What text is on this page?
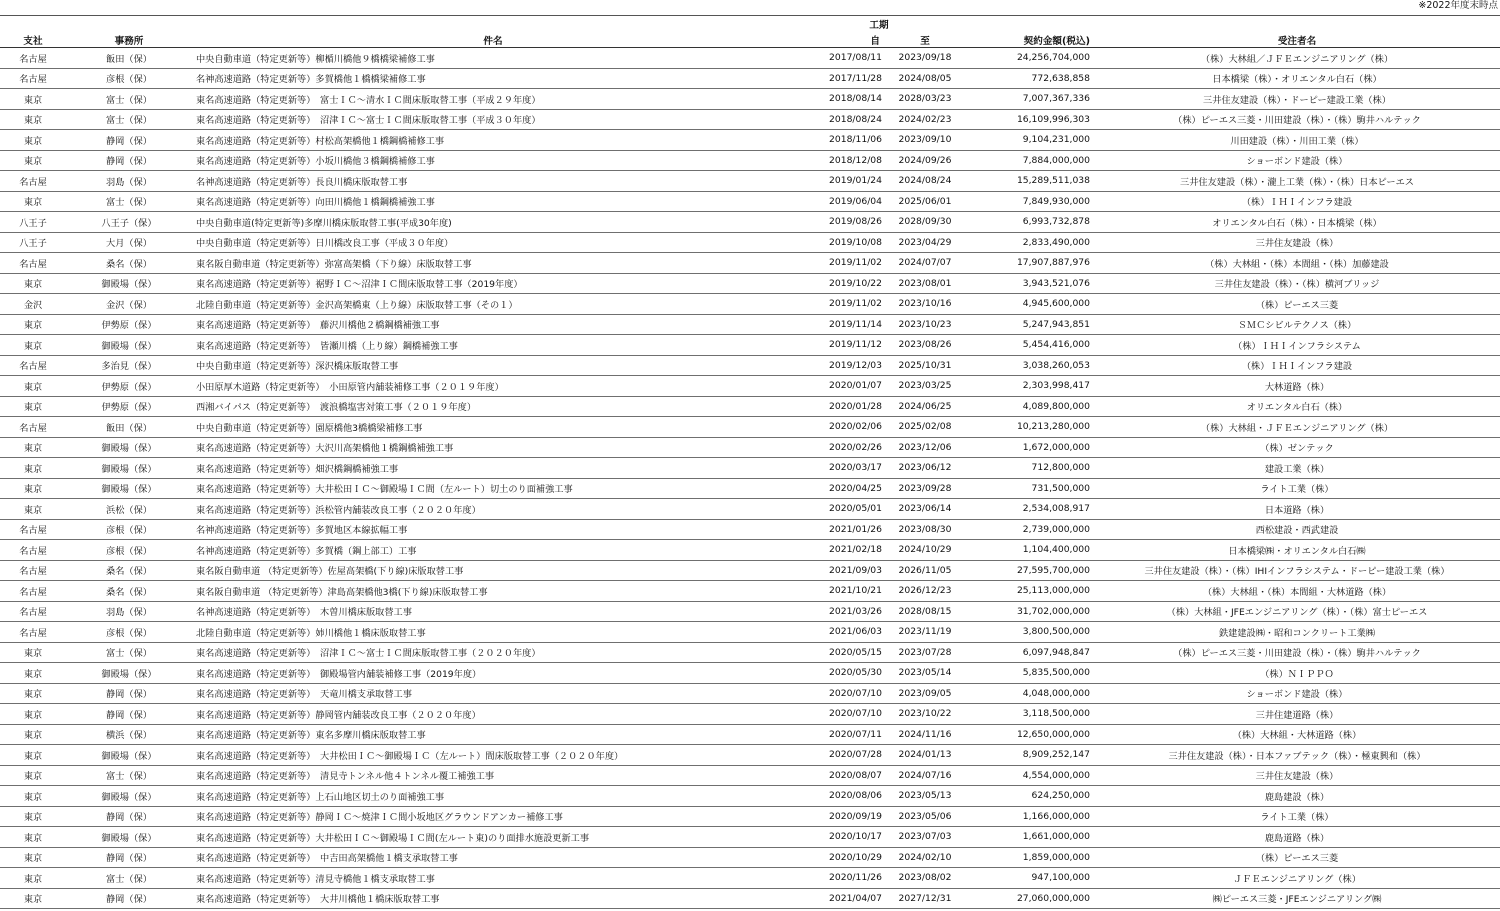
※2022年度末時点
			工期			
支社	事務所	件名	自	至	契約金額(税込)	受注者名
名古屋	飯田（保）	中央自動車道（特定更新等）柳楯川橋他９橋橋梁補修工事	2017/08/11	2023/09/18	24,256,704,000	（株）大林組／ＪＦＥエンジニアリング（株）
名古屋	彦根（保）	名神高速道路（特定更新等）多賀橋他１橋橋梁補修工事	2017/11/28	2024/08/05	772,638,858	日本橋梁（株）・オリエンタル白石（株）
東京	富士（保）	東名高速道路（特定更新等）　富士ＩＣ～清水ＩＣ間床版取替工事（平成２９年度）	2018/08/14	2028/03/23	7,007,367,336	三井住友建設（株）・ドーピー建設工業（株）
東京	富士（保）	東名高速道路（特定更新等）　沼津ＩＣ～富士ＩＣ間床版取替工事（平成３０年度）	2018/08/24	2024/02/23	16,109,996,303	（株）ピーエス三菱・川田建設（株）・（株）駒井ハルテック
東京	静岡（保）	東名高速道路（特定更新等）村松高架橋他１橋鋼橋補修工事	2018/11/06	2023/09/10	9,104,231,000	川田建設（株）・川田工業（株）
東京	静岡（保）	東名高速道路（特定更新等）小坂川橋他３橋鋼橋補修工事	2018/12/08	2024/09/26	7,884,000,000	ショーボンド建設（株）
名古屋	羽島（保）	名神高速道路（特定更新等）長良川橋床版取替工事	2019/01/24	2024/08/24	15,289,511,038	三井住友建設（株）・瀧上工業（株）・（株）日本ピーエス
東京	富士（保）	東名高速道路（特定更新等）向田川橋他１橋鋼橋補強工事	2019/06/04	2025/06/01	7,849,930,000	（株）ＩＨＩインフラ建設
八王子	八王子（保）	中央自動車道(特定更新等)多摩川橋床版取替工事(平成30年度)	2019/08/26	2028/09/30	6,993,732,878	オリエンタル白石（株）・日本橋梁（株）
八王子	大月（保）	中央自動車道（特定更新等）日川橋改良工事（平成３０年度）	2019/10/08	2023/04/29	2,833,490,000	三井住友建設（株）
名古屋	桑名（保）	東名阪自動車道（特定更新等）弥富高架橋（下り線）床版取替工事	2019/11/02	2024/07/07	17,907,887,976	（株）大林組・（株）本間組・（株）加藤建設
東京	御殿場（保）	東名高速道路（特定更新等）裾野ＩＣ～沼津ＩＣ間床版取替工事（2019年度）	2019/10/22	2023/08/01	3,943,521,076	三井住友建設（株）・（株）横河ブリッジ
金沢	金沢（保）	北陸自動車道（特定更新等）金沢高架橋東（上り線）床版取替工事（その１）	2019/11/02	2023/10/16	4,945,600,000	（株）ピーエス三菱
東京	伊勢原（保）	東名高速道路（特定更新等）　藤沢川橋他２橋鋼橋補強工事	2019/11/14	2023/10/23	5,247,943,851	ＳＭＣシビルテクノス（株）
東京	御殿場（保）	東名高速道路（特定更新等）　皆瀬川橋（上り線）鋼橋補強工事	2019/11/12	2023/08/26	5,454,416,000	（株）ＩＨＩインフラシステム
名古屋	多治見（保）	中央自動車道（特定更新等）深沢橋床版取替工事	2019/12/03	2025/10/31	3,038,260,053	（株）ＩＨＩインフラ建設
東京	伊勢原（保）	小田原厚木道路（特定更新等）　小田原管内舗装補修工事（２０１９年度）	2020/01/07	2023/03/25	2,303,998,417	大林道路（株）
東京	伊勢原（保）	西湘バイパス（特定更新等）　渡浪橋塩害対策工事（２０１９年度）	2020/01/28	2024/06/25	4,089,800,000	オリエンタル白石（株）
名古屋	飯田（保）	中央自動車道（特定更新等）園原橋他3橋橋梁補修工事	2020/02/06	2025/02/08	10,213,280,000	（株）大林組・ＪＦＥエンジニアリング（株）
東京	御殿場（保）	東名高速道路（特定更新等）大沢川高架橋他１橋鋼橋補強工事	2020/02/26	2023/12/06	1,672,000,000	（株）ゼンテック
東京	御殿場（保）	東名高速道路（特定更新等）畑沢橋鋼橋補強工事	2020/03/17	2023/06/12	712,800,000	建設工業（株）
東京	御殿場（保）	東名高速道路（特定更新等）大井松田ＩＣ～御殿場ＩＣ間（左ルート）切土のり面補強工事	2020/04/25	2023/09/28	731,500,000	ライト工業（株）
東京	浜松（保）	東名高速道路（特定更新等）浜松管内舗装改良工事（２０２０年度）	2020/05/01	2023/06/14	2,534,008,917	日本道路（株）
名古屋	彦根（保）	名神高速道路（特定更新等）多賀地区本線拡幅工事	2021/01/26	2023/08/30	2,739,000,000	西松建設・西武建設
名古屋	彦根（保）	名神高速道路（特定更新等）多賀橋（鋼上部工）工事	2021/02/18	2024/10/29	1,104,400,000	日本橋梁㈱・オリエンタル白石㈱
名古屋	桑名（保）	東名阪自動車道 （特定更新等）佐屋高架橋(下り線)床版取替工事	2021/09/03	2026/11/05	27,595,700,000	三井住友建設（株）・（株）IHIインフラシステム・ドーピー建設工業（株）
名古屋	桑名（保）	東名阪自動車道 （特定更新等）津島高架橋他3橋(下り線)床版取替工事	2021/10/21	2026/12/23	25,113,000,000	（株）大林組・（株）本間組・大林道路（株）
名古屋	羽島（保）	名神高速道路（特定更新等）　木曽川橋床版取替工事	2021/03/26	2028/08/15	31,702,000,000	（株）大林組・JFEエンジニアリング（株）・（株）富士ピーエス
名古屋	彦根（保）	北陸自動車道（特定更新等）姉川橋他１橋床版取替工事	2021/06/03	2023/11/19	3,800,500,000	鉄建建設㈱・昭和コンクリート工業㈱
東京	富士（保）	東名高速道路（特定更新等）　沼津ＩＣ～富士ＩＣ間床版取替工事（２０２０年度）	2020/05/15	2023/07/28	6,097,948,847	（株）ピーエス三菱・川田建設（株）・（株）駒井ハルテック
東京	御殿場（保）	東名高速道路（特定更新等）　御殿場管内舗装補修工事（2019年度）	2020/05/30	2023/05/14	5,835,500,000	（株）ＮＩＰＰＯ
東京	静岡（保）	東名高速道路（特定更新等）　天竜川橋支承取替工事	2020/07/10	2023/09/05	4,048,000,000	ショーボンド建設（株）
東京	静岡（保）	東名高速道路（特定更新等）静岡管内舗装改良工事（２０２０年度）	2020/07/10	2023/10/22	3,118,500,000	三井住建道路（株）
東京	横浜（保）	東名高速道路（特定更新等）東名多摩川橋床版取替工事	2020/07/11	2024/11/16	12,650,000,000	（株）大林組・大林道路（株）
東京	御殿場（保）	東名高速道路（特定更新等）　大井松田ＩＣ～御殿場ＩＣ（左ルート）間床版取替工事（２０２０年度）	2020/07/28	2024/01/13	8,909,252,147	三井住友建設（株）・日本ファブテック（株）・極東興和（株）
東京	富士（保）	東名高速道路（特定更新等）　清見寺トンネル他４トンネル覆工補強工事	2020/08/07	2024/07/16	4,554,000,000	三井住友建設（株）
東京	御殿場（保）	東名高速道路（特定更新等）上石山地区切土のり面補強工事	2020/08/06	2023/05/13	624,250,000	鹿島建設（株）
東京	静岡（保）	東名高速道路（特定更新等）静岡ＩＣ～焼津ＩＣ間小坂地区グラウンドアンカー補修工事	2020/09/19	2023/05/06	1,166,000,000	ライト工業（株）
東京	御殿場（保）	東名高速道路（特定更新等）大井松田ＩＣ～御殿場ＩＣ間(左ルート東)のり面排水施設更新工事	2020/10/17	2023/07/03	1,661,000,000	鹿島道路（株）
東京	静岡（保）	東名高速道路（特定更新等）　中吉田高架橋他１橋支承取替工事	2020/10/29	2024/02/10	1,859,000,000	（株）ピーエス三菱
東京	富士（保）	東名高速道路（特定更新等）清見寺橋他１橋支承取替工事	2020/11/26	2023/08/02	947,100,000	ＪＦＥエンジニアリング（株）
東京	静岡（保）	東名高速道路（特定更新等）　大井川橋他１橋床版取替工事	2021/04/07	2027/12/31	27,060,000,000	㈱ピーエス三菱・JFEエンジニアリング㈱
